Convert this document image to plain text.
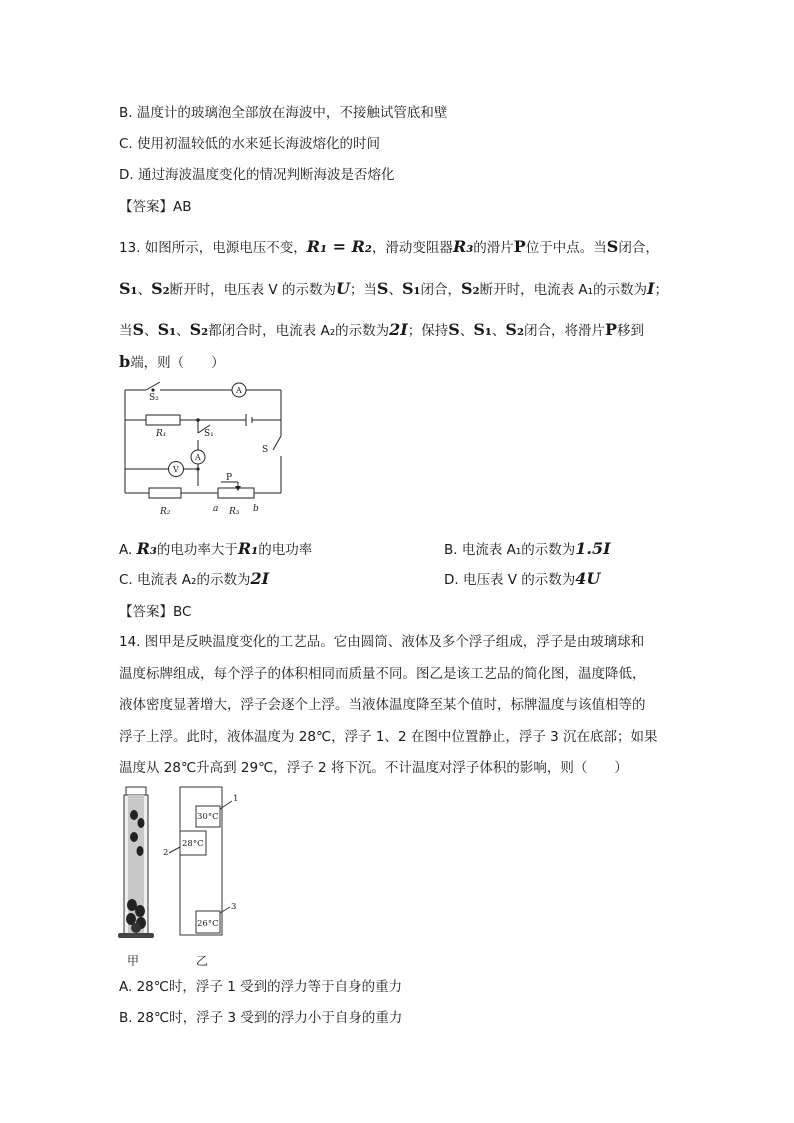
B. 温度计的玻璃泡全部放在海波中，不接触试管底和壁
C. 使用初温较低的水来延长海波熔化的时间
D. 通过海波温度变化的情况判断海波是否熔化
【答案】AB
13. 如图所示，电源电压不变，R₁ = R₂，滑动变阻器R₃的滑片P位于中点。当S闭合，
S₁、S₂断开时，电压表 V 的示数为U；当S、S₁闭合，S₂断开时，电流表 A₁的示数为I；
当S、S₁、S₂都闭合时，电流表 A₂的示数为2I；保持S、S₁、S₂闭合，将滑片P移到
b端，则（　　）
S₂
A
R₁	S₁
S
A
V
P
R₂	a R₃ b
A. R₃的电功率大于R₁的电功率	B. 电流表 A₁的示数为1.5I
C. 电流表 A₂的示数为2I	D. 电压表 V 的示数为4U
【答案】BC
14. 图甲是反映温度变化的工艺品。它由圆筒、液体及多个浮子组成，浮子是由玻璃球和
温度标牌组成，每个浮子的体积相同而质量不同。图乙是该工艺品的简化图，温度降低，
液体密度显著增大，浮子会逐个上浮。当液体温度降至某个值时，标牌温度与该值相等的
浮子上浮。此时，液体温度为 28℃，浮子 1、2 在图中位置静止，浮子 3 沉在底部；如果
温度从 28℃升高到 29℃，浮子 2 将下沉。不计温度对浮子体积的影响，则（　　）
30°C
28°C
26°C
1
2
3
甲	乙
A. 28℃时，浮子 1 受到的浮力等于自身的重力
B. 28℃时，浮子 3 受到的浮力小于自身的重力
